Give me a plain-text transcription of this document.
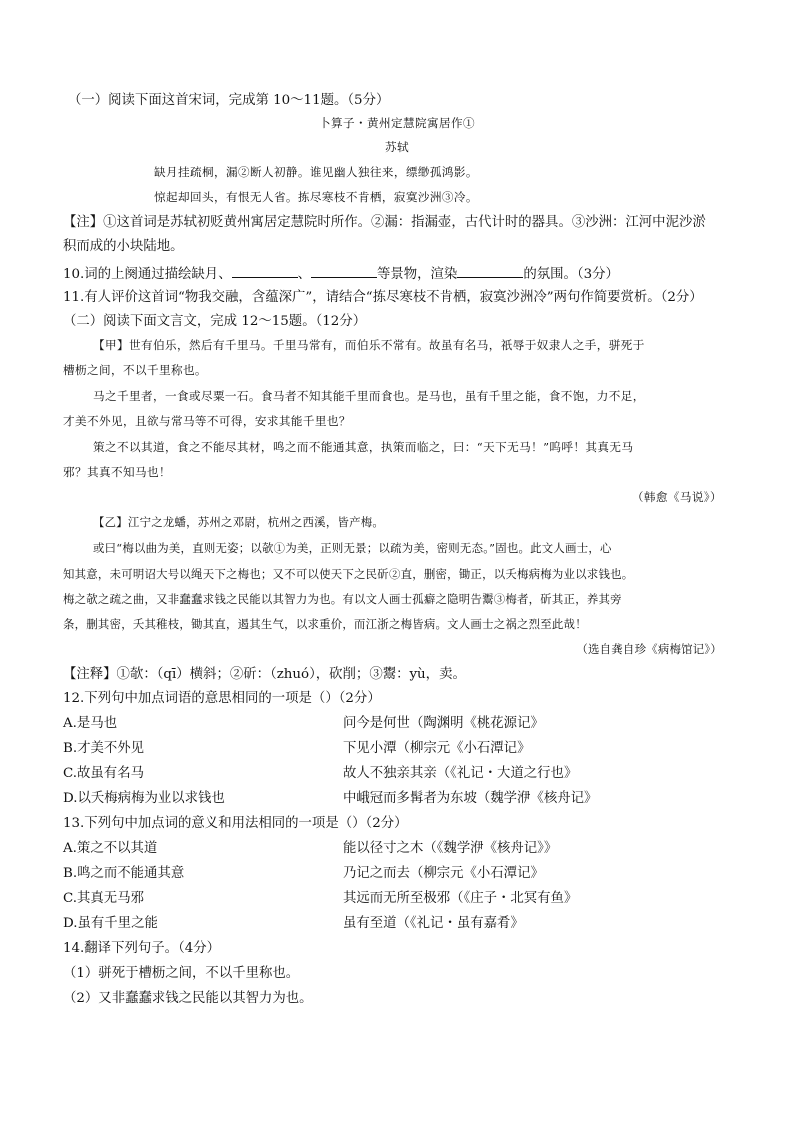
（一）阅读下面这首宋词，完成第 10～11题。（5分）
卜算子・黄州定慧院寓居作①
苏轼
缺月挂疏桐，漏②断人初静。谁见幽人独往来，缥缈孤鸿影。
惊起却回头，有恨无人省。拣尽寒枝不肯栖，寂寞沙洲③冷。
【注】①这首词是苏轼初贬黄州寓居定慧院时所作。②漏：指漏壶，古代计时的器具。③沙洲：江河中泥沙淤
积而成的小块陆地。
10.词的上阕通过描绘缺月、	、	等景物，渲染	的氛围。（3分）
11.有人评价这首词“物我交融，含蕴深广”，请结合“拣尽寒枝不肯栖，寂寞沙洲冷”两句作简要赏析。（2分）
（二）阅读下面文言文，完成 12～15题。（12分）
【甲】世有伯乐，然后有千里马。千里马常有，而伯乐不常有。故虽有名马，祇辱于奴隶人之手，骈死于
槽枥之间，不以千里称也。
马之千里者，一食或尽粟一石。食马者不知其能千里而食也。是马也，虽有千里之能，食不饱，力不足，
才美不外见，且欲与常马等不可得，安求其能千里也？
策之不以其道，食之不能尽其材，鸣之而不能通其意，执策而临之，曰：“天下无马！”呜呼！其真无马
邪？其真不知马也！
（韩愈《马说》）
【乙】江宁之龙蟠，苏州之邓尉，杭州之西溪，皆产梅。
或曰“梅以曲为美，直则无姿；以欹①为美，正则无景；以疏为美，密则无态。”固也。此文人画士，心
知其意，未可明诏大号以绳天下之梅也；又不可以使天下之民斫②直，删密，锄正，以夭梅病梅为业以求钱也。
梅之欹之疏之曲，又非蠢蠢求钱之民能以其智力为也。有以文人画士孤癖之隐明告鬻③梅者，斫其正，养其旁
条，删其密，夭其稚枝，锄其直，遏其生气，以求重价，而江浙之梅皆病。文人画士之祸之烈至此哉！
（选自龚自珍《病梅馆记》）
【注释】①欹：（qī）横斜；②斫：（zhuó），砍削；③鬻：yù，卖。
12.下列句中加点词语的意思相同的一项是（）（2分）
A.是马也	问今是何世（陶渊明《桃花源记》
B.才美不外见	下见小潭（柳宗元《小石潭记》
C.故虽有名马	故人不独亲其亲（《礼记・大道之行也》
D.以夭梅病梅为业以求钱也	中峨冠而多髯者为东坡（魏学洢《核舟记》
13.下列句中加点词的意义和用法相同的一项是（）（2分）
A.策之不以其道	能以径寸之木（《魏学洢《核舟记》》
B.鸣之而不能通其意	乃记之而去（柳宗元《小石潭记》
C.其真无马邪	其远而无所至极邪（《庄子・北冥有鱼》
D.虽有千里之能	虽有至道（《礼记・虽有嘉肴》
14.翻译下列句子。（4分）
（1）骈死于槽枥之间，不以千里称也。
（2）又非蠢蠢求钱之民能以其智力为也。
